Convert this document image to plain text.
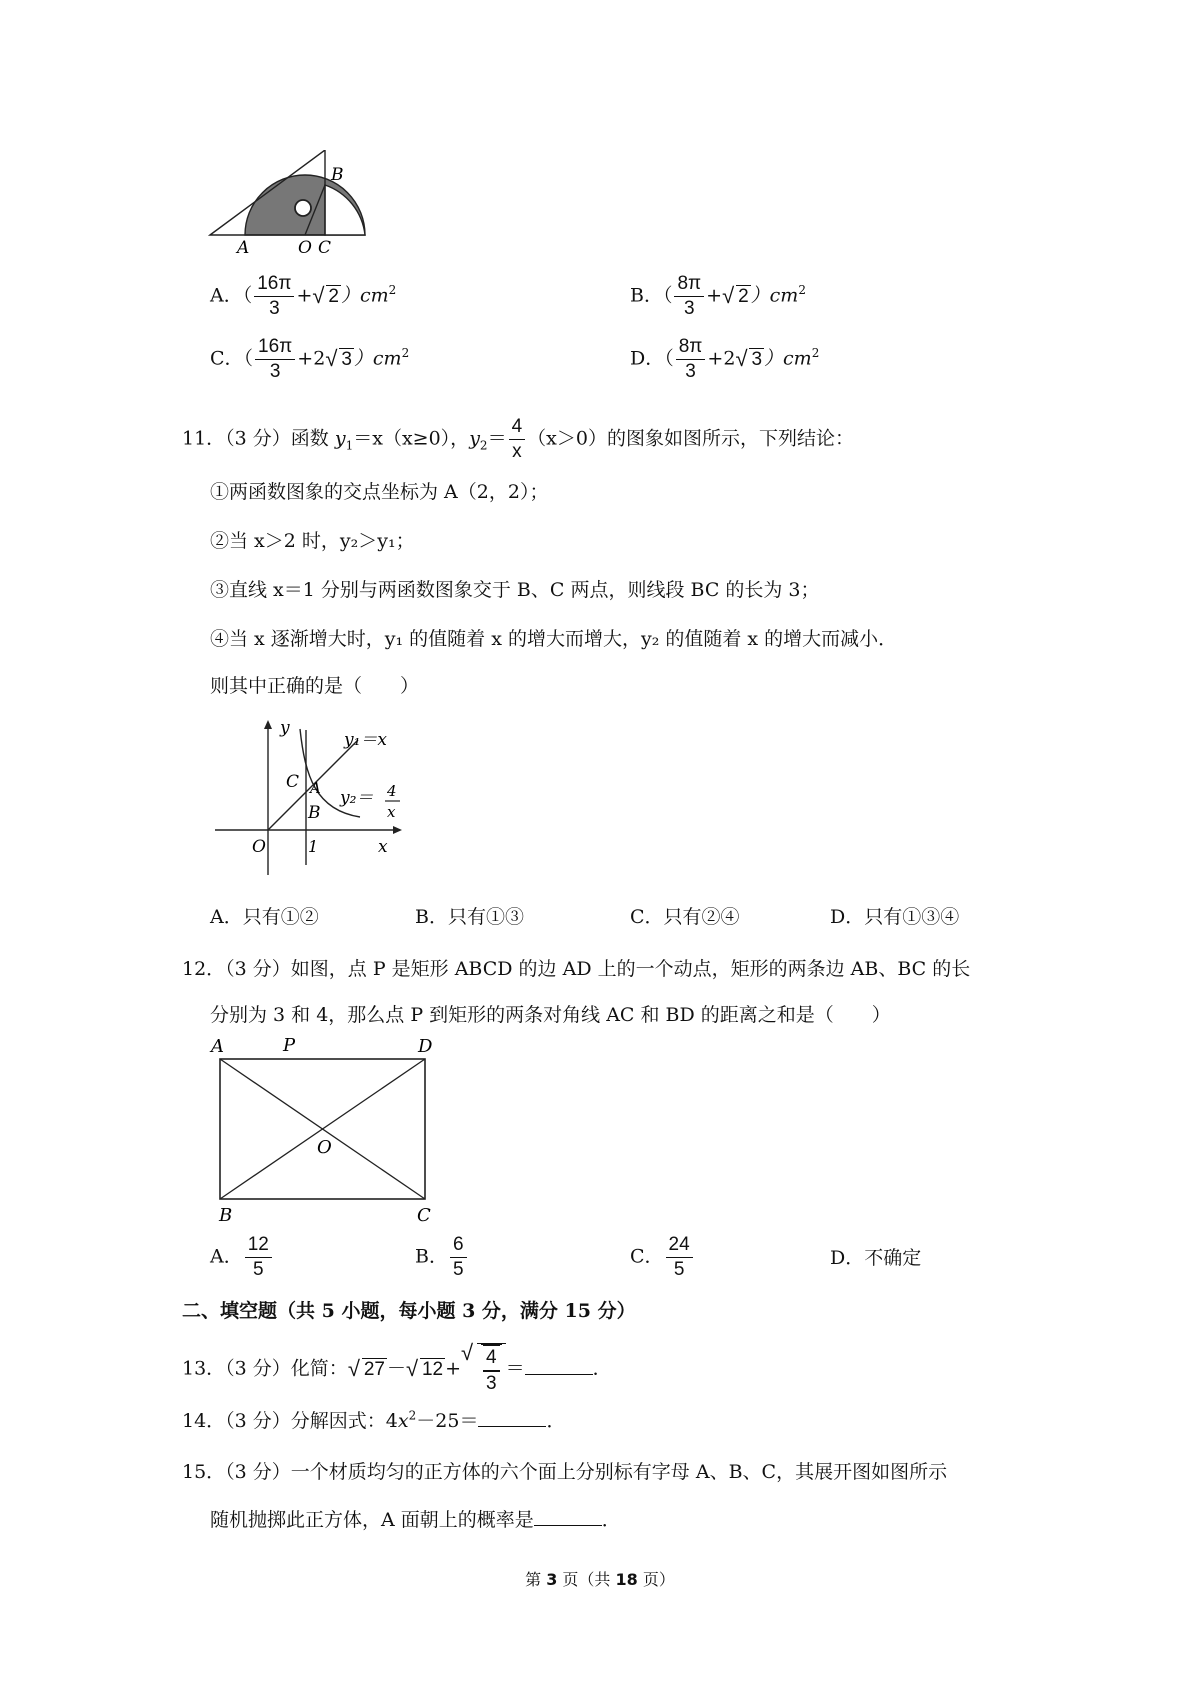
A	O C
B
A．（ $\frac{16\pi}{3}$ +√ 2 ）$cm^2$	B．（ $\frac{8\pi}{3}$ +√ 2 ）$cm^2$
C．（ $\frac{16\pi}{3} +2√$ 3 ）$cm^2$	D．（ $\frac{8\pi}{3} +2√$ 3 ）$cm^2$
11．（3 分）函数 $y_1=x(x\ge 0)$，$y_2= \frac{4}{x} (x>0)$的图象如图所示，下列结论：
①两函数图象的交点坐标为 A（2，2）；
②当 x＞2 时，y₂＞y₁；
③直线 x＝1 分别与两函数图象交于 B、C 两点，则线段 BC 的长为 3；
④当 x 逐渐增大时，y₁ 的值随着 x 的增大而增大，y₂ 的值随着 x 的增大而减小．
则其中正确的是（　　）
y
x
O	1
C A
B
y₁＝x
y₂＝ 4
x
A．只有①②	B．只有①③	C．只有②④	D．只有①③④
12．（3 分）如图，点 P 是矩形 ABCD 的边 AD 上的一个动点，矩形的两条边 AB、BC 的长
分别为 3 和 4，那么点 P 到矩形的两条对角线 AC 和 BD 的距离之和是（　　）
A	P	D
O
B	C
A． $\frac{12}{5}$	B． $\frac{6}{5}$	C． $\frac{24}{5}$	D．不确定
二、填空题（共 5 小题，每小题 3 分，满分 15 分）
13．（3 分）化简：√ 27 －√ 12 +
√ $\frac{4}{3}$ ＝	．
14．（3 分）分解因式：$4x^2-25=$	．
15．（3 分）一个材质均匀的正方体的六个面上分别标有字母 A、B、C，其展开图如图所示
随机抛掷此正方体，A 面朝上的概率是	．
第 3 页（共 18 页）
